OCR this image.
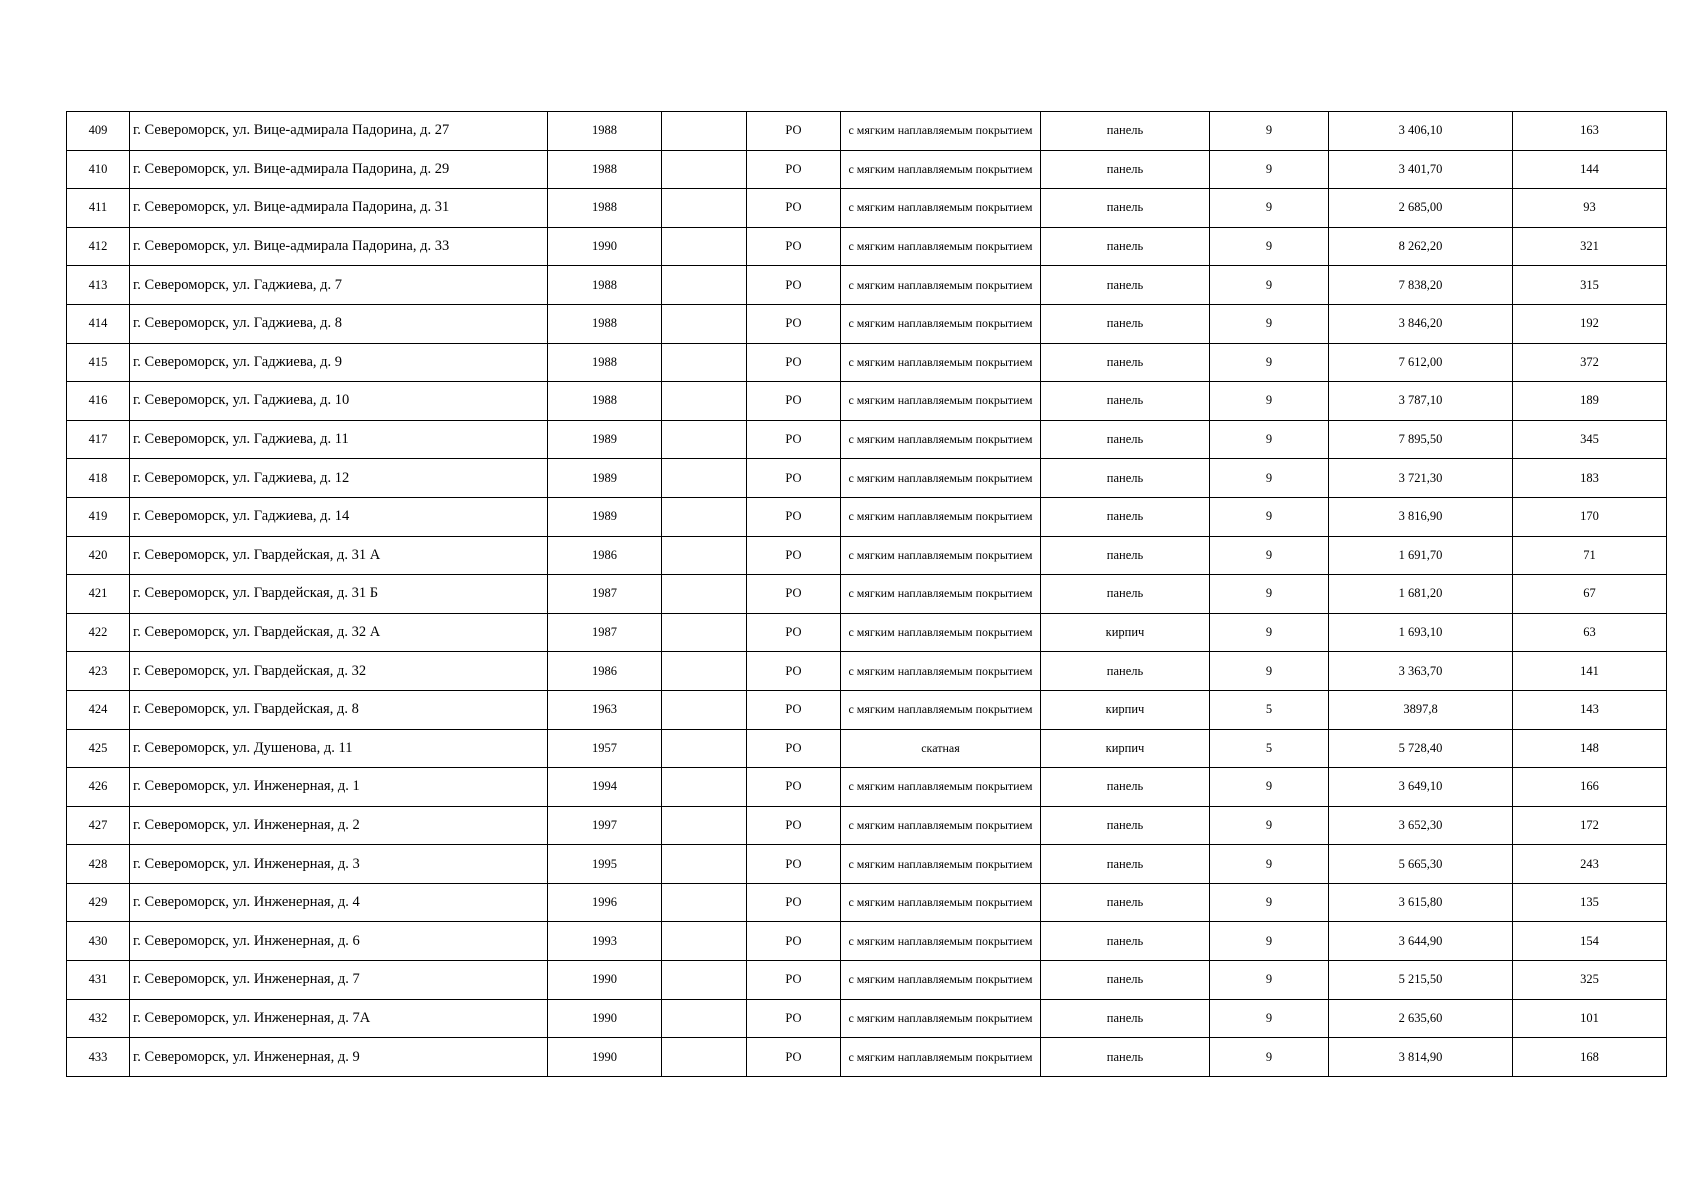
409	г. Североморск, ул. Вице-адмирала Падорина, д. 27	1988		РО	с мягким наплавляемым покрытием	панель	9	3 406,10	163
410	г. Североморск, ул. Вице-адмирала Падорина, д. 29	1988		РО	с мягким наплавляемым покрытием	панель	9	3 401,70	144
411	г. Североморск, ул. Вице-адмирала Падорина, д. 31	1988		РО	с мягким наплавляемым покрытием	панель	9	2 685,00	93
412	г. Североморск, ул. Вице-адмирала Падорина, д. 33	1990		РО	с мягким наплавляемым покрытием	панель	9	8 262,20	321
413	г. Североморск, ул. Гаджиева, д. 7	1988		РО	с мягким наплавляемым покрытием	панель	9	7 838,20	315
414	г. Североморск, ул. Гаджиева, д. 8	1988		РО	с мягким наплавляемым покрытием	панель	9	3 846,20	192
415	г. Североморск, ул. Гаджиева, д. 9	1988		РО	с мягким наплавляемым покрытием	панель	9	7 612,00	372
416	г. Североморск, ул. Гаджиева, д. 10	1988		РО	с мягким наплавляемым покрытием	панель	9	3 787,10	189
417	г. Североморск, ул. Гаджиева, д. 11	1989		РО	с мягким наплавляемым покрытием	панель	9	7 895,50	345
418	г. Североморск, ул. Гаджиева, д. 12	1989		РО	с мягким наплавляемым покрытием	панель	9	3 721,30	183
419	г. Североморск, ул. Гаджиева, д. 14	1989		РО	с мягким наплавляемым покрытием	панель	9	3 816,90	170
420	г. Североморск, ул. Гвардейская, д. 31 А	1986		РО	с мягким наплавляемым покрытием	панель	9	1 691,70	71
421	г. Североморск, ул. Гвардейская, д. 31 Б	1987		РО	с мягким наплавляемым покрытием	панель	9	1 681,20	67
422	г. Североморск, ул. Гвардейская, д. 32 А	1987		РО	с мягким наплавляемым покрытием	кирпич	9	1 693,10	63
423	г. Североморск, ул. Гвардейская, д. 32	1986		РО	с мягким наплавляемым покрытием	панель	9	3 363,70	141
424	г. Североморск, ул. Гвардейская, д. 8	1963		РО	с мягким наплавляемым покрытием	кирпич	5	3897,8	143
425	г. Североморск, ул. Душенова, д. 11	1957		РО	скатная	кирпич	5	5 728,40	148
426	г. Североморск, ул. Инженерная, д. 1	1994		РО	с мягким наплавляемым покрытием	панель	9	3 649,10	166
427	г. Североморск, ул. Инженерная, д. 2	1997		РО	с мягким наплавляемым покрытием	панель	9	3 652,30	172
428	г. Североморск, ул. Инженерная, д. 3	1995		РО	с мягким наплавляемым покрытием	панель	9	5 665,30	243
429	г. Североморск, ул. Инженерная, д. 4	1996		РО	с мягким наплавляемым покрытием	панель	9	3 615,80	135
430	г. Североморск, ул. Инженерная, д. 6	1993		РО	с мягким наплавляемым покрытием	панель	9	3 644,90	154
431	г. Североморск, ул. Инженерная, д. 7	1990		РО	с мягким наплавляемым покрытием	панель	9	5 215,50	325
432	г. Североморск, ул. Инженерная, д. 7А	1990		РО	с мягким наплавляемым покрытием	панель	9	2 635,60	101
433	г. Североморск, ул. Инженерная, д. 9	1990		РО	с мягким наплавляемым покрытием	панель	9	3 814,90	168
